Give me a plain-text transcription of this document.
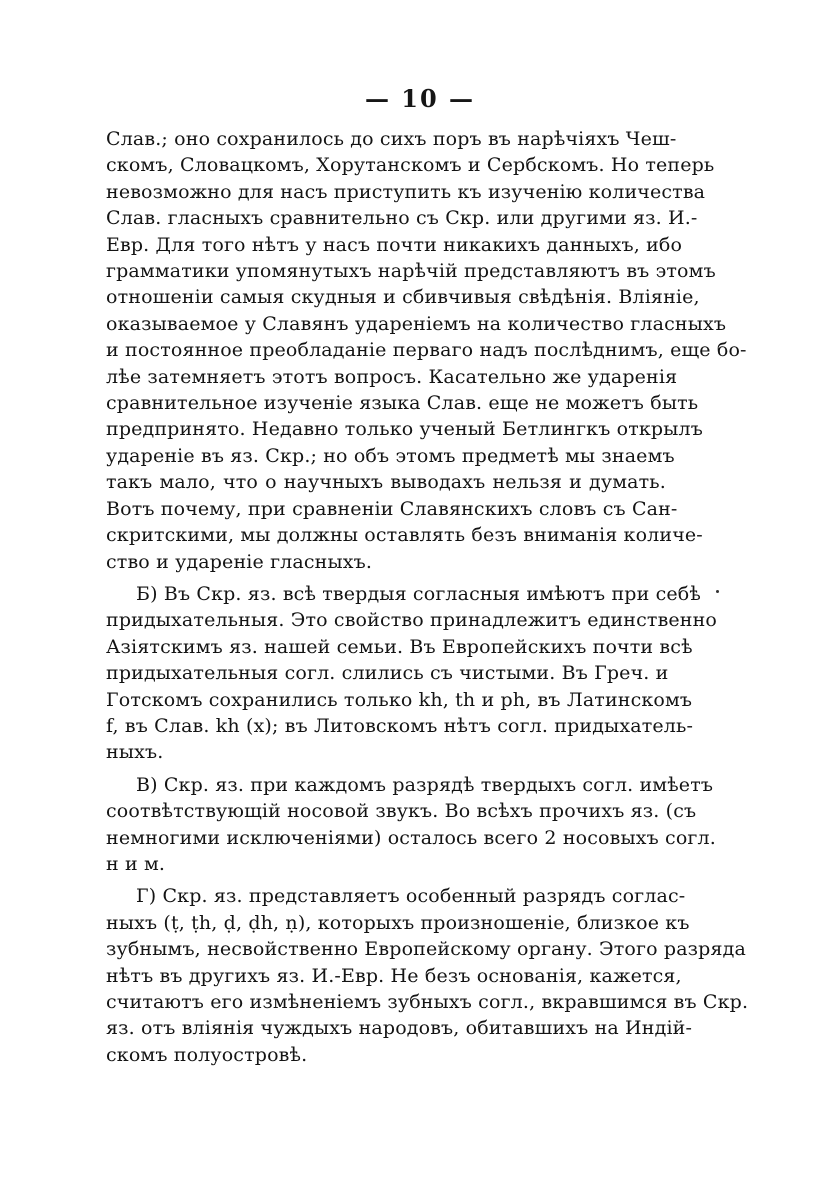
— 10 —
Слав.; оно сохранилось до сихъ поръ въ нарѣчіяхъ Чеш-
скомъ, Словацкомъ, Хорутанскомъ и Сербскомъ. Но теперь
невозможно для насъ приступить къ изученію количества
Слав. гласныхъ сравнительно съ Скр. или другими яз. И.-
Евр. Для того нѣтъ у насъ почти никакихъ данныхъ, ибо
грамматики упомянутыхъ нарѣчій представляютъ въ этомъ
отношеніи самыя скудныя и сбивчивыя свѣдѣнія. Вліяніе,
оказываемое у Славянъ удареніемъ на количество гласныхъ
и постоянное преобладаніе перваго надъ послѣднимъ, еще бо-
лѣе затемняетъ этотъ вопросъ. Касательно же ударенія
сравнительное изученіе языка Слав. еще не можетъ быть
предпринято. Недавно только ученый Бетлингкъ открылъ
удареніе въ яз. Скр.; но объ этомъ предметѣ мы знаемъ
такъ мало, что о научныхъ выводахъ нельзя и думать.
Вотъ почему, при сравненіи Славянскихъ словъ съ Сан-
скритскими, мы должны оставлять безъ вниманія количе-
ство и удареніе гласныхъ.
Б) Въ Скр. яз. всѣ твердыя согласныя имѣютъ при себѣ
придыхательныя. Это свойство принадлежитъ единственно
Азіятскимъ яз. нашей семьи. Въ Европейскихъ почти всѣ
придыхательныя согл. слились съ чистыми. Въ Греч. и
Готскомъ сохранились только kh, th и ph, въ Латинскомъ
f, въ Слав. kh (x); въ Литовскомъ нѣтъ согл. придыхатель-
ныхъ.
В) Скр. яз. при каждомъ разрядѣ твердыхъ согл. имѣетъ
соотвѣтствующій носовой звукъ. Во всѣхъ прочихъ яз. (съ
немногими исключеніями) осталось всего 2 носовыхъ согл.
н и м.
Г) Скр. яз. представляетъ особенный разрядъ соглас-
ныхъ (ṭ, ṭh, ḍ, ḍh, ṇ), которыхъ произношеніе, близкое къ
зубнымъ, несвойственно Европейскому органу. Этого разряда
нѣтъ въ другихъ яз. И.-Евр. Не безъ основанія, кажется,
считаютъ его измѣненіемъ зубныхъ согл., вкравшимся въ Скр.
яз. отъ вліянія чуждыхъ народовъ, обитавшихъ на Индій-
скомъ полуостровѣ.
